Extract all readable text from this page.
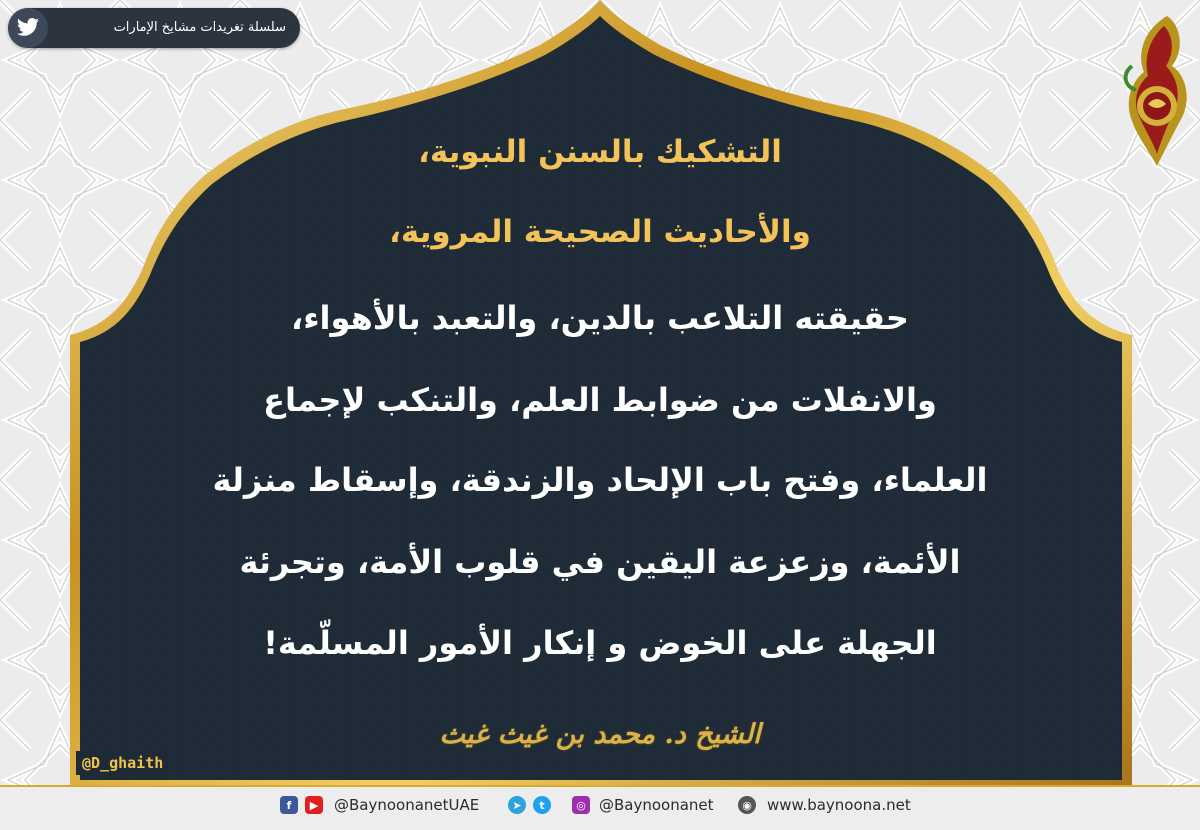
سلسلة تغريدات مشايخ الإمارات
التشكيك بالسنن النبوية،
والأحاديث الصحيحة المروية،
حقيقته التلاعب بالدين، والتعبد بالأهواء،
والانفلات من ضوابط العلم، والتنكب لإجماع
العلماء، وفتح باب الإلحاد والزندقة، وإسقاط منزلة
الأئمة، وزعزعة اليقين في قلوب الأمة، وتجرئة
الجهلة على الخوض و إنكار الأمور المسلّمة!
الشيخ د. محمد بن غيث غيث
@D_ghaith
f	▶	@BaynoonanetUAE	➤	t	◎ @Baynoonanet	◉ www.baynoona.net
